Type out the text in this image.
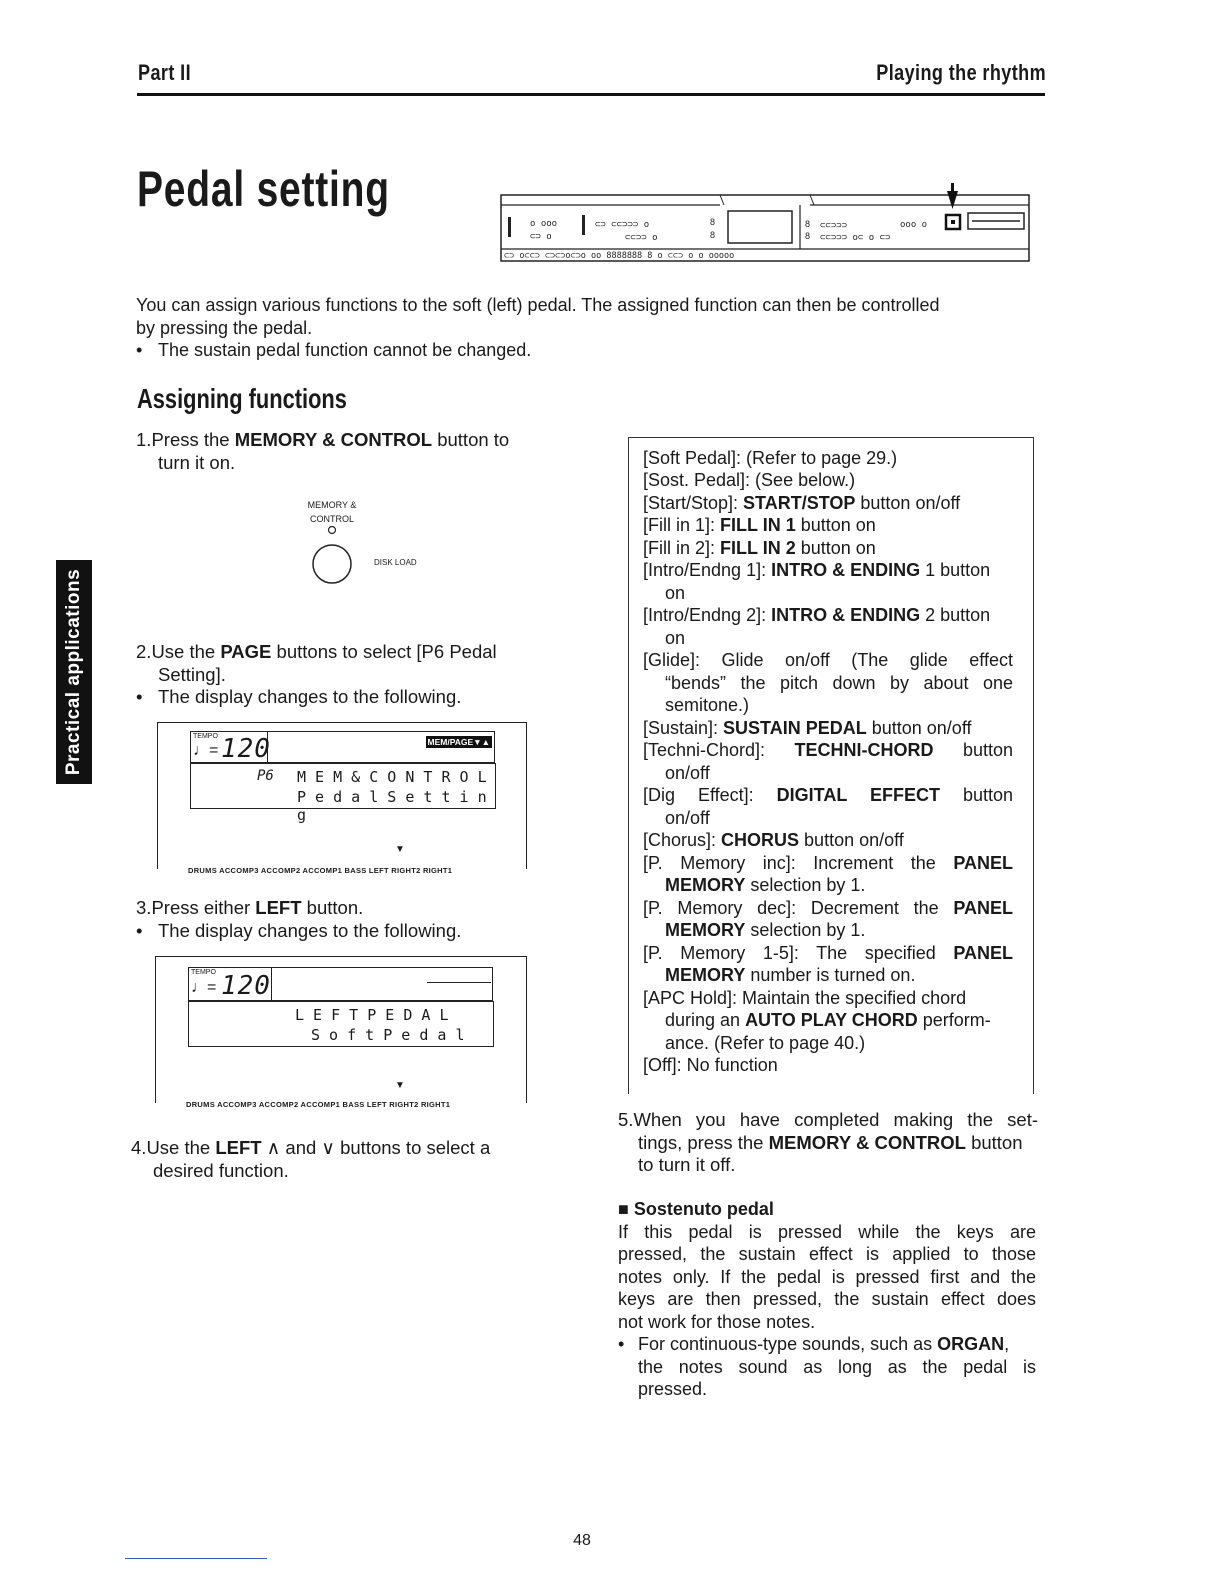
Part II	Playing the rhythm
Pedal setting
o ooo
⊂⊃ o
⊂⊃ ⊂⊂⊃⊃⊃ o
⊂⊂⊃⊃ o
8
8
8
8
⊂⊂⊃⊃⊃
⊂⊂⊃⊃⊃ o⊂ o ⊂⊃
ooo o
⊂⊃ o⊂⊂⊃ ⊂⊃⊂⊃o⊂⊃o oo 8888888 8 o ⊂⊂⊃ o o ooooo
You can assign various functions to the soft (left) pedal. The assigned function can then be controlled
by pressing the pedal.
• The sustain pedal function cannot be changed.
Practical applications
Assigning functions
1.Press the MEMORY & CONTROL button to
turn it on.
MEMORY &
CONTROL
DISK LOAD
2.Use the PAGE buttons to select [P6 Pedal
Setting].
• The display changes to the following.
TEMPO
♩= 120	MEM/PAGE▼▲
P6 M E M & C O N T R O L
P e d a l S e t t i n g
▼
DRUMS ACCOMP3 ACCOMP2 ACCOMP1 BASS LEFT RIGHT2 RIGHT1
3.Press either LEFT button.
• The display changes to the following.
TEMPO
♩= 120
L E F T P E D A L
S o f t P e d a l
▼
DRUMS ACCOMP3 ACCOMP2 ACCOMP1 BASS LEFT RIGHT2 RIGHT1
4.Use the LEFT ∧ and ∨ buttons to select a
desired function.
[Soft Pedal]: (Refer to page 29.)
[Sost. Pedal]: (See below.)
[Start/Stop]: START/STOP button on/off
[Fill in 1]: FILL IN 1 button on
[Fill in 2]: FILL IN 2 button on
[Intro/Endng 1]: INTRO & ENDING 1 button
on
[Intro/Endng 2]: INTRO & ENDING 2 button
on
[Glide]: Glide on/off (The glide effect
“bends” the pitch down by about one
semitone.)
[Sustain]: SUSTAIN PEDAL button on/off
[Techni-Chord]: TECHNI-CHORD button
on/off
[Dig Effect]: DIGITAL EFFECT button
on/off
[Chorus]: CHORUS button on/off
[P. Memory inc]: Increment the PANEL
MEMORY selection by 1.
[P. Memory dec]: Decrement the PANEL
MEMORY selection by 1.
[P. Memory 1-5]: The specified PANEL
MEMORY number is turned on.
[APC Hold]: Maintain the specified chord
during an AUTO PLAY CHORD perform-
ance. (Refer to page 40.)
[Off]: No function
5.When you have completed making the set-
tings, press the MEMORY & CONTROL button
to turn it off.
■ Sostenuto pedal
If this pedal is pressed while the keys are
pressed, the sustain effect is applied to those
notes only. If the pedal is pressed first and the
keys are then pressed, the sustain effect does
not work for those notes.
• For continuous-type sounds, such as ORGAN,
the notes sound as long as the pedal is
pressed.
48
